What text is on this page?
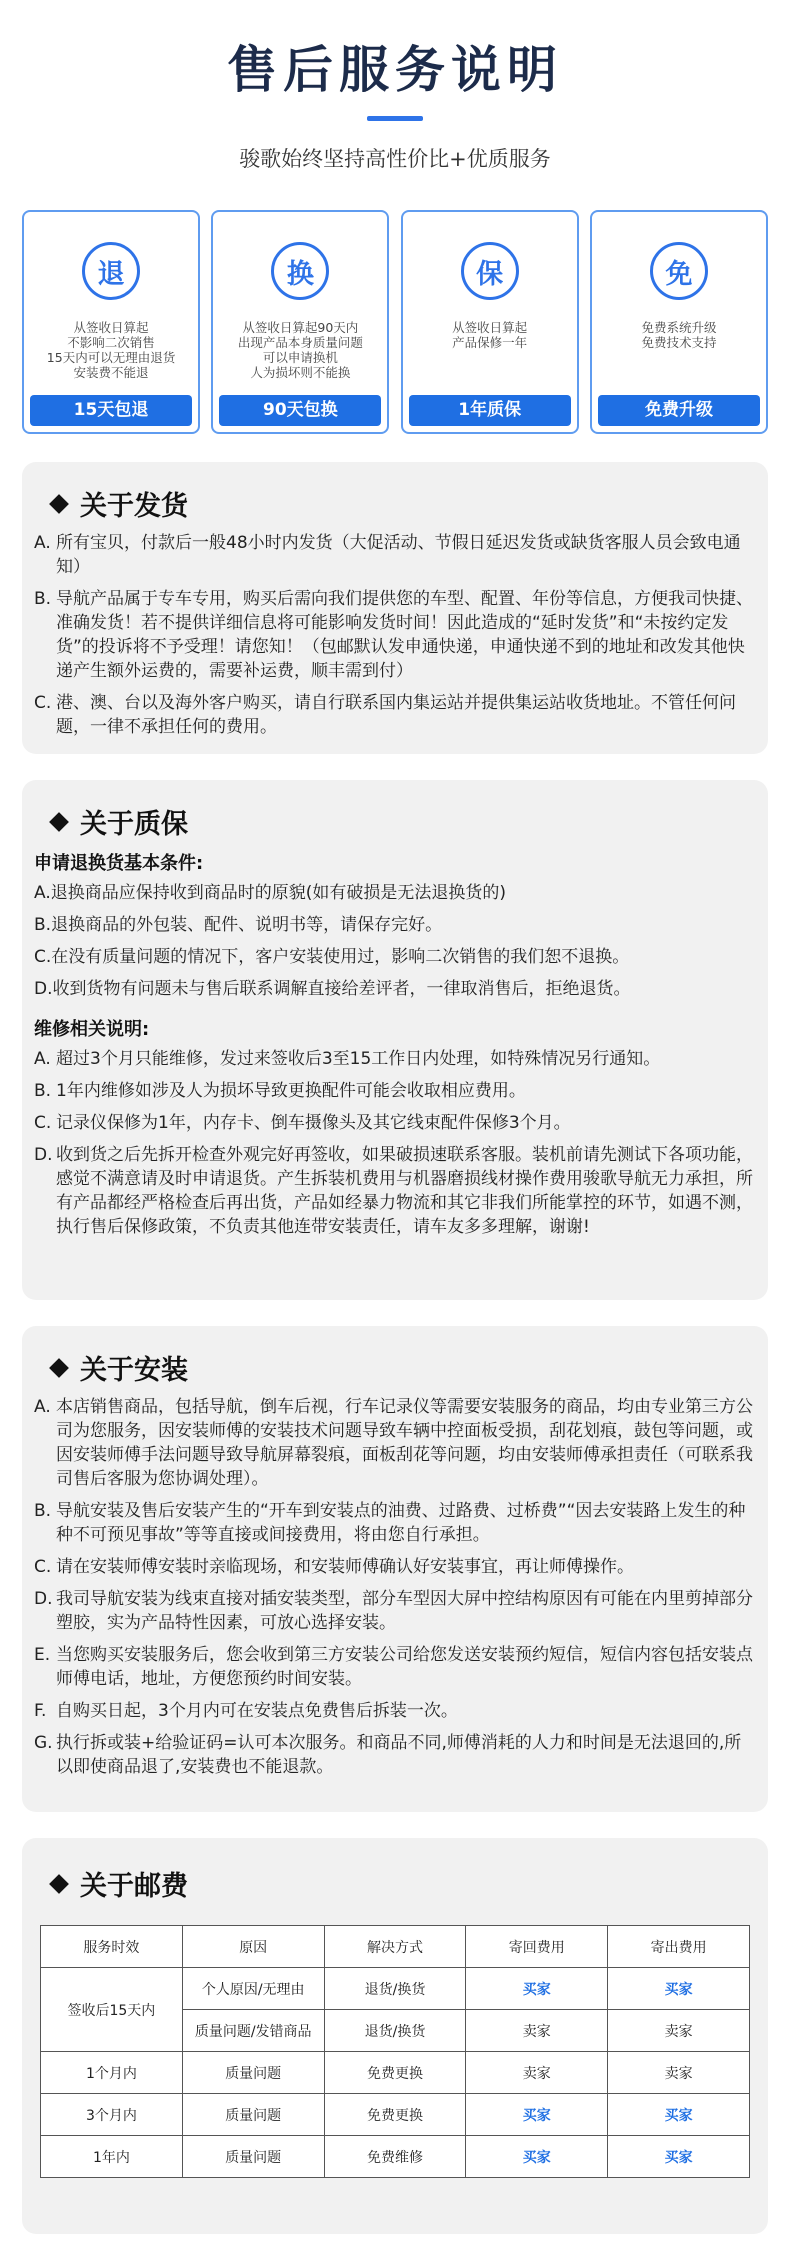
售后服务说明
骏歌始终坚持高性价比+优质服务
退
从签收日算起
不影响二次销售
15天内可以无理由退货
安装费不能退
15天包退
换
从签收日算起90天内
出现产品本身质量问题
可以申请换机
人为损坏则不能换
90天包换
保
从签收日算起
产品保修一年
1年质保
免
免费系统升级
免费技术支持
免费升级
关于发货
A. 所有宝贝，付款后一般48小时内发货（大促活动、节假日延迟发货或缺货客服人员会致电通知）
B. 导航产品属于专车专用，购买后需向我们提供您的车型、配置、年份等信息，方便我司快捷、准确发货！若不提供详细信息将可能影响发货时间！因此造成的“延时发货”和“未按约定发货”的投诉将不予受理！请您知！（包邮默认发申通快递，申通快递不到的地址和改发其他快递产生额外运费的，需要补运费，顺丰需到付）
C. 港、澳、台以及海外客户购买，请自行联系国内集运站并提供集运站收货地址。不管任何问题，一律不承担任何的费用。
关于质保
申请退换货基本条件:
A.退换商品应保持收到商品时的原貌(如有破损是无法退换货的)
B.退换商品的外包装、配件、说明书等，请保存完好。
C.在没有质量问题的情况下，客户安装使用过，影响二次销售的我们恕不退换。
D.收到货物有问题未与售后联系调解直接给差评者，一律取消售后，拒绝退货。
维修相关说明:
A. 超过3个月只能维修，发过来签收后3至15工作日内处理，如特殊情况另行通知。
B. 1年内维修如涉及人为损坏导致更换配件可能会收取相应费用。
C. 记录仪保修为1年，内存卡、倒车摄像头及其它线束配件保修3个月。
D. 收到货之后先拆开检查外观完好再签收，如果破损速联系客服。装机前请先测试下各项功能，感觉不满意请及时申请退货。产生拆装机费用与机器磨损线材操作费用骏歌导航无力承担，所有产品都经严格检查后再出货，产品如经暴力物流和其它非我们所能掌控的环节，如遇不测，执行售后保修政策，不负责其他连带安装责任，请车友多多理解，谢谢!
关于安装
A. 本店销售商品，包括导航，倒车后视，行车记录仪等需要安装服务的商品，均由专业第三方公司为您服务，因安装师傅的安装技术问题导致车辆中控面板受损，刮花划痕，鼓包等问题，或因安装师傅手法问题导致导航屏幕裂痕，面板刮花等问题，均由安装师傅承担责任（可联系我司售后客服为您协调处理）。
B. 导航安装及售后安装产生的“开车到安装点的油费、过路费、过桥费”“因去安装路上发生的种种不可预见事故”等等直接或间接费用，将由您自行承担。
C. 请在安装师傅安装时亲临现场，和安装师傅确认好安装事宜，再让师傅操作。
D. 我司导航安装为线束直接对插安装类型，部分车型因大屏中控结构原因有可能在内里剪掉部分塑胶，实为产品特性因素，可放心选择安装。
E. 当您购买安装服务后，您会收到第三方安装公司给您发送安装预约短信，短信内容包括安装点师傅电话，地址，方便您预约时间安装。
F. 自购买日起，3个月内可在安装点免费售后拆装一次。
G. 执行拆或装+给验证码=认可本次服务。和商品不同,师傅消耗的人力和时间是无法退回的,所以即使商品退了,安装费也不能退款。
关于邮费
服务时效	原因	解决方式	寄回费用	寄出费用
签收后15天内	个人原因/无理由	退货/换货	买家	买家
	质量问题/发错商品	退货/换货	卖家	卖家
1个月内	质量问题	免费更换	卖家	卖家
3个月内	质量问题	免费更换	买家	买家
1年内	质量问题	免费维修	买家	买家
